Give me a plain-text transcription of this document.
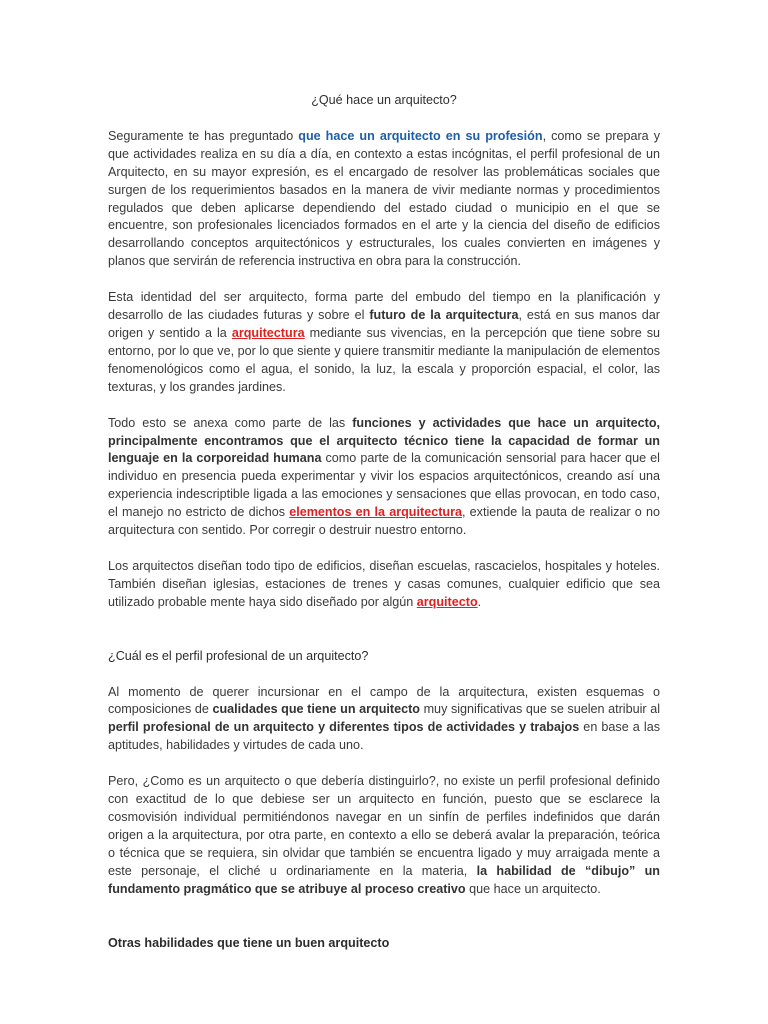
¿Qué hace un arquitecto?

Seguramente te has preguntado que hace un arquitecto en su profesión, como se prepara y que actividades realiza en su día a día, en contexto a estas incógnitas, el perfil profesional de un Arquitecto, en su mayor expresión, es el encargado de resolver las problemáticas sociales que surgen de los requerimientos basados en la manera de vivir mediante normas y procedimientos regulados que deben aplicarse dependiendo del estado ciudad o municipio en el que se encuentre, son profesionales licenciados formados en el arte y la ciencia del diseño de edificios desarrollando conceptos arquitectónicos y estructurales, los cuales convierten en imágenes y planos que servirán de referencia instructiva en obra para la construcción.

Esta identidad del ser arquitecto, forma parte del embudo del tiempo en la planificación y desarrollo de las ciudades futuras y sobre el futuro de la arquitectura, está en sus manos dar origen y sentido a la arquitectura mediante sus vivencias, en la percepción que tiene sobre su entorno, por lo que ve, por lo que siente y quiere transmitir mediante la manipulación de elementos fenomenológicos como el agua, el sonido, la luz, la escala y proporción espacial, el color, las texturas, y los grandes jardines.

Todo esto se anexa como parte de las funciones y actividades que hace un arquitecto, principalmente encontramos que el arquitecto técnico tiene la capacidad de formar un lenguaje en la corporeidad humana como parte de la comunicación sensorial para hacer que el individuo en presencia pueda experimentar y vivir los espacios arquitectónicos, creando así una experiencia indescriptible ligada a las emociones y sensaciones que ellas provocan, en todo caso, el manejo no estricto de dichos elementos en la arquitectura, extiende la pauta de realizar o no arquitectura con sentido. Por corregir o destruir nuestro entorno.

Los arquitectos diseñan todo tipo de edificios, diseñan escuelas, rascacielos, hospitales y hoteles. También diseñan iglesias, estaciones de trenes y casas comunes, cualquier edificio que sea utilizado probable mente haya sido diseñado por algún arquitecto.

¿Cuál es el perfil profesional de un arquitecto?

Al momento de querer incursionar en el campo de la arquitectura, existen esquemas o composiciones de cualidades que tiene un arquitecto muy significativas que se suelen atribuir al perfil profesional de un arquitecto y diferentes tipos de actividades y trabajos en base a las aptitudes, habilidades y virtudes de cada uno.

Pero, ¿Como es un arquitecto o que debería distinguirlo?, no existe un perfil profesional definido con exactitud de lo que debiese ser un arquitecto en función, puesto que se esclarece la cosmovisión individual permitiéndonos navegar en un sinfín de perfiles indefinidos que darán origen a la arquitectura, por otra parte, en contexto a ello se deberá avalar la preparación, teórica o técnica que se requiera, sin olvidar que también se encuentra ligado y muy arraigada mente a este personaje, el cliché u ordinariamente en la materia, la habilidad de “dibujo” un fundamento pragmático que se atribuye al proceso creativo que hace un arquitecto.

Otras habilidades que tiene un buen arquitecto
